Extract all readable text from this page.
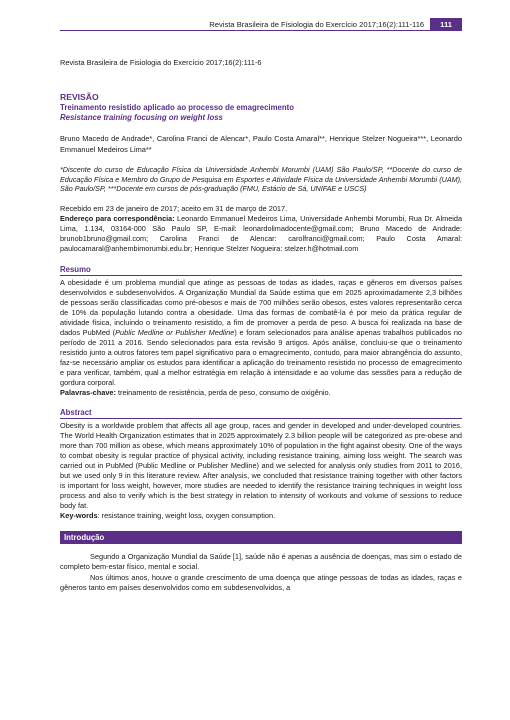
Revista Brasileira de Fisiologia do Exercício 2017;16(2):111-116	111

Revista Brasileira de Fisiologia do Exercício 2017;16(2):111-6

REVISÃO

Treinamento resistido aplicado ao processo de emagrecimento

Resistance training focusing on weight loss

Bruno Macedo de Andrade*, Carolina Franci de Alencar*, Paulo Costa Amaral**, Henrique Stelzer Nogueira***, Leonardo Emmanuel Medeiros Lima**

*Discente do curso de Educação Física da Universidade Anhembi Morumbi (UAM) São Paulo/SP, **Docente do curso de Educação Física e Membro do Grupo de Pesquisa em Esportes e Atividade Física da Universidade Anhembi Morumbi (UAM), São Paulo/SP, ***Docente em cursos de pós-graduação (FMU, Estácio de Sá, UNIFAE e USCS)

Recebido em 23 de janeiro de 2017; aceito em 31 de março de 2017.

Endereço para correspondência: Leonardo Emmanuel Medeiros Lima, Universidade Anhembi Morumbi, Rua Dr. Almeida Lima, 1.134, 03164-000 São Paulo SP, E-mail: leonardolimadocente@gmail.com; Bruno Macedo de Andrade: brunob1bruno@gmail.com; Carolina Franci de Alencar: carolfranci@gmail.com; Paulo Costa Amaral: paulocamaral@anhembimorumbi.edu.br; Henrique Stelzer Nogueira: stelzer.h@hotmail.com

Resumo

A obesidade é um problema mundial que atinge as pessoas de todas as idades, raças e gêneros em diversos países desenvolvidos e subdesenvolvidos. A Organização Mundial da Saúde estima que em 2025 aproximadamente 2,3 bilhões de pessoas serão classificadas como pré-obesos e mais de 700 milhões serão obesos, estes valores representarão cerca de 10% da população lutando contra a obesidade. Uma das formas de combatê-la é por meio da prática regular de atividade física, incluindo o treinamento resistido, a fim de promover a perda de peso. A busca foi realizada na base de dados PubMed (Public Medline or Publisher Medline) e foram selecionados para análise apenas trabalhos publicados no período de 2011 a 2016. Sendo selecionados para esta revisão 9 artigos. Após análise, concluiu-se que o treinamento resistido junto a outros fatores tem papel significativo para o emagrecimento, contudo, para maior abrangência do assunto, faz-se necessário ampliar os estudos para identificar a aplicação do treinamento resistido no processo de emagrecimento e para verificar, também, qual a melhor estratégia em relação à intensidade e ao volume das sessões para a redução de gordura corporal.

Palavras-chave: treinamento de resistência, perda de peso, consumo de oxigênio.

Abstract

Obesity is a worldwide problem that affects all age group, races and gender in developed and under-developed countries. The World Health Organization estimates that in 2025 approximately 2.3 billion people will be categorized as pre-obese and more than 700 million as obese, which means approximately 10% of population in the fight against obesity. One of the ways to combat obesity is regular practice of physical activity, including resistance training, aiming loss weight. The search was carried out in PubMed (Public Medline or Publisher Medline) and we selected for analysis only studies from 2011 to 2016, but we used only 9 in this literature review. After analysis, we concluded that resistance training together with other factors is important for loss weight, however, more studies are needed to identify the resistance training techniques in weight loss process and also to verify which is the best strategy in relation to intensity of workouts and volume of sessions to reduce body fat.

Key-words: resistance training, weight loss, oxygen consumption.

Introdução

Segundo a Organização Mundial da Saúde [1], saúde não é apenas a ausência de doenças, mas sim o estado de completo bem-estar físico, mental e social.

Nos últimos anos, houve o grande crescimento de uma doença que atinge pessoas de todas as idades, raças e gêneros tanto em países desenvolvidos como em subdesenvolvidos, a
